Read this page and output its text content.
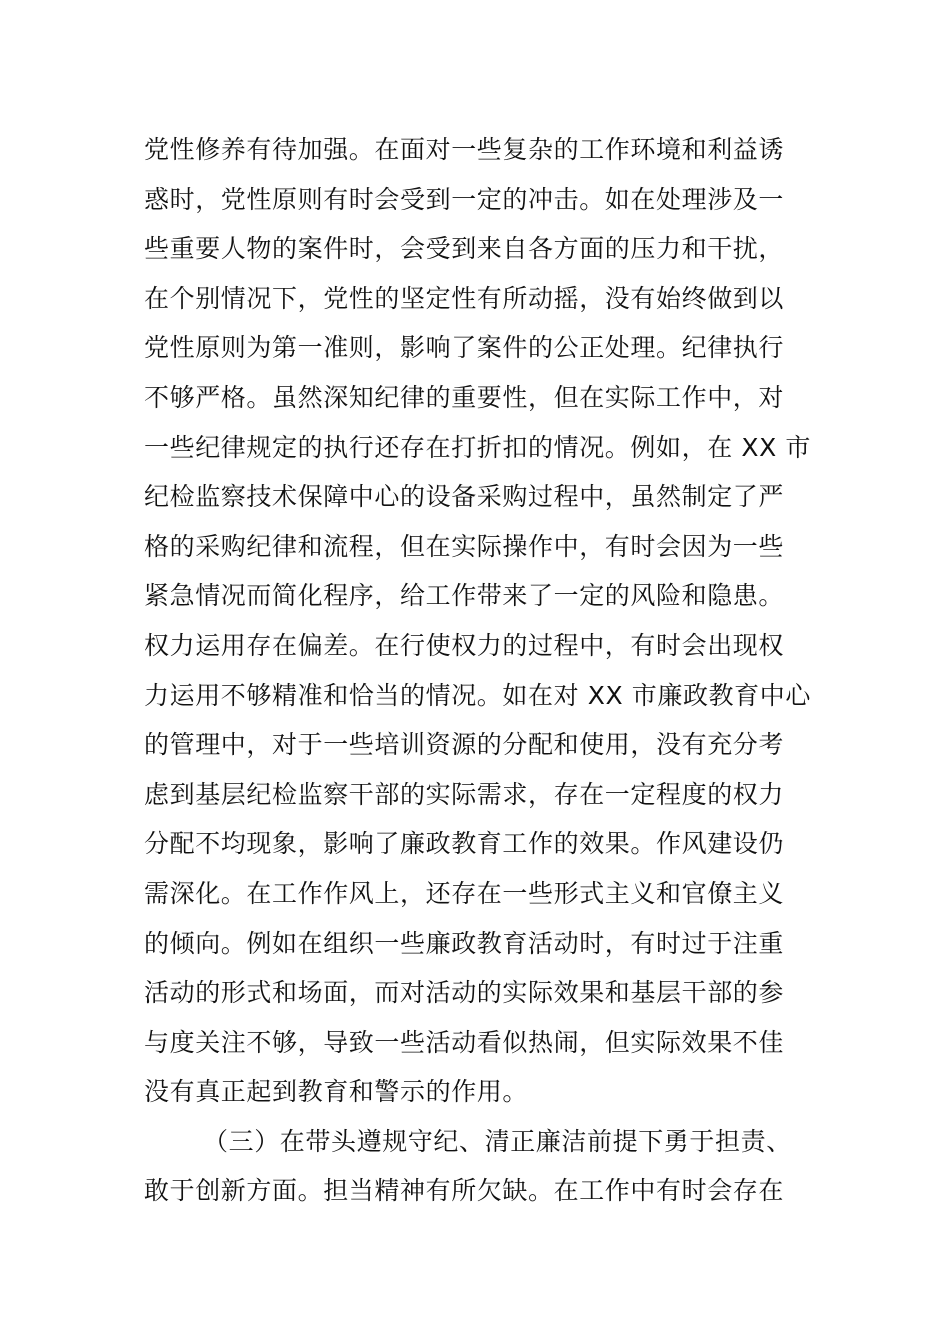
党性修养有待加强。在面对一些复杂的工作环境和利益诱
惑时，党性原则有时会受到一定的冲击。如在处理涉及一
些重要人物的案件时，会受到来自各方面的压力和干扰，
在个别情况下，党性的坚定性有所动摇，没有始终做到以
党性原则为第一准则，影响了案件的公正处理。纪律执行
不够严格。虽然深知纪律的重要性，但在实际工作中，对
一些纪律规定的执行还存在打折扣的情况。例如，在 XX 市
纪检监察技术保障中心的设备采购过程中，虽然制定了严
格的采购纪律和流程，但在实际操作中，有时会因为一些
紧急情况而简化程序，给工作带来了一定的风险和隐患。
权力运用存在偏差。在行使权力的过程中，有时会出现权
力运用不够精准和恰当的情况。如在对 XX 市廉政教育中心
的管理中，对于一些培训资源的分配和使用，没有充分考
虑到基层纪检监察干部的实际需求，存在一定程度的权力
分配不均现象，影响了廉政教育工作的效果。作风建设仍
需深化。在工作作风上，还存在一些形式主义和官僚主义
的倾向。例如在组织一些廉政教育活动时，有时过于注重
活动的形式和场面，而对活动的实际效果和基层干部的参
与度关注不够，导致一些活动看似热闹，但实际效果不佳
没有真正起到教育和警示的作用。
（三）在带头遵规守纪、清正廉洁前提下勇于担责、
敢于创新方面。担当精神有所欠缺。在工作中有时会存在
